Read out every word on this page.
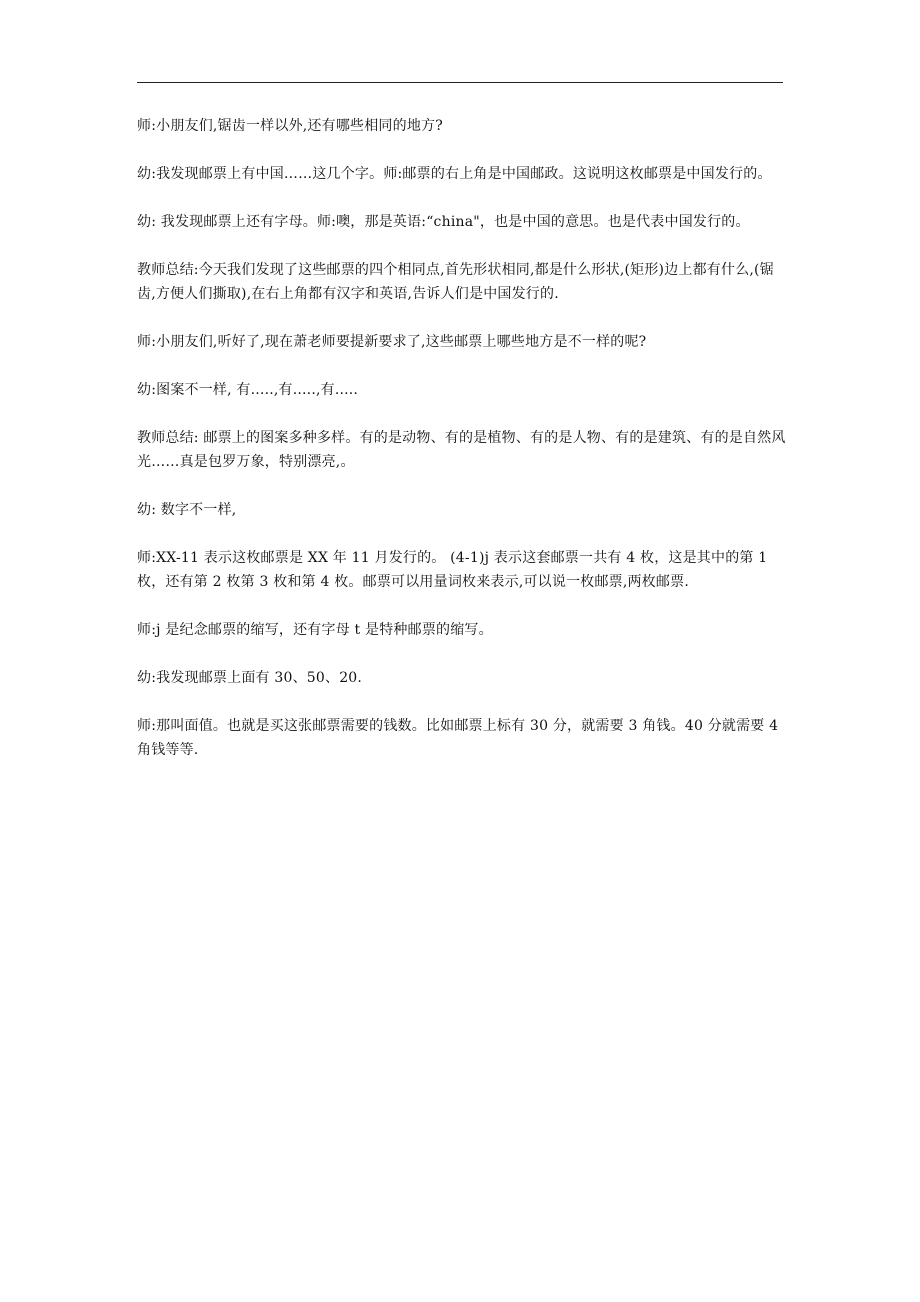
师:小朋友们,锯齿一样以外,还有哪些相同的地方?

幼:我发现邮票上有中国……这几个字。师:邮票的右上角是中国邮政。这说明这枚邮票是中国发行的。

幼: 我发现邮票上还有字母。师:噢，那是英语:“china"，也是中国的意思。也是代表中国发行的。

教师总结:今天我们发现了这些邮票的四个相同点,首先形状相同,都是什么形状,(矩形)边上都有什么,(锯齿,方便人们撕取),在右上角都有汉字和英语,告诉人们是中国发行的.

师:小朋友们,听好了,现在萧老师要提新要求了,这些邮票上哪些地方是不一样的呢?

幼:图案不一样, 有.....,有.....,有.....

教师总结: 邮票上的图案多种多样。有的是动物、有的是植物、有的是人物、有的是建筑、有的是自然风光……真是包罗万象，特别漂亮,。

幼: 数字不一样,

师:XX-11 表示这枚邮票是 XX 年 11 月发行的。 (4-1)j 表示这套邮票一共有 4 枚，这是其中的第 1 枚，还有第 2 枚第 3 枚和第 4 枚。邮票可以用量词枚来表示,可以说一枚邮票,两枚邮票.

师:j 是纪念邮票的缩写，还有字母 t 是特种邮票的缩写。

幼:我发现邮票上面有 30、50、20.

师:那叫面值。也就是买这张邮票需要的钱数。比如邮票上标有 30 分，就需要 3 角钱。40 分就需要 4 角钱等等.
